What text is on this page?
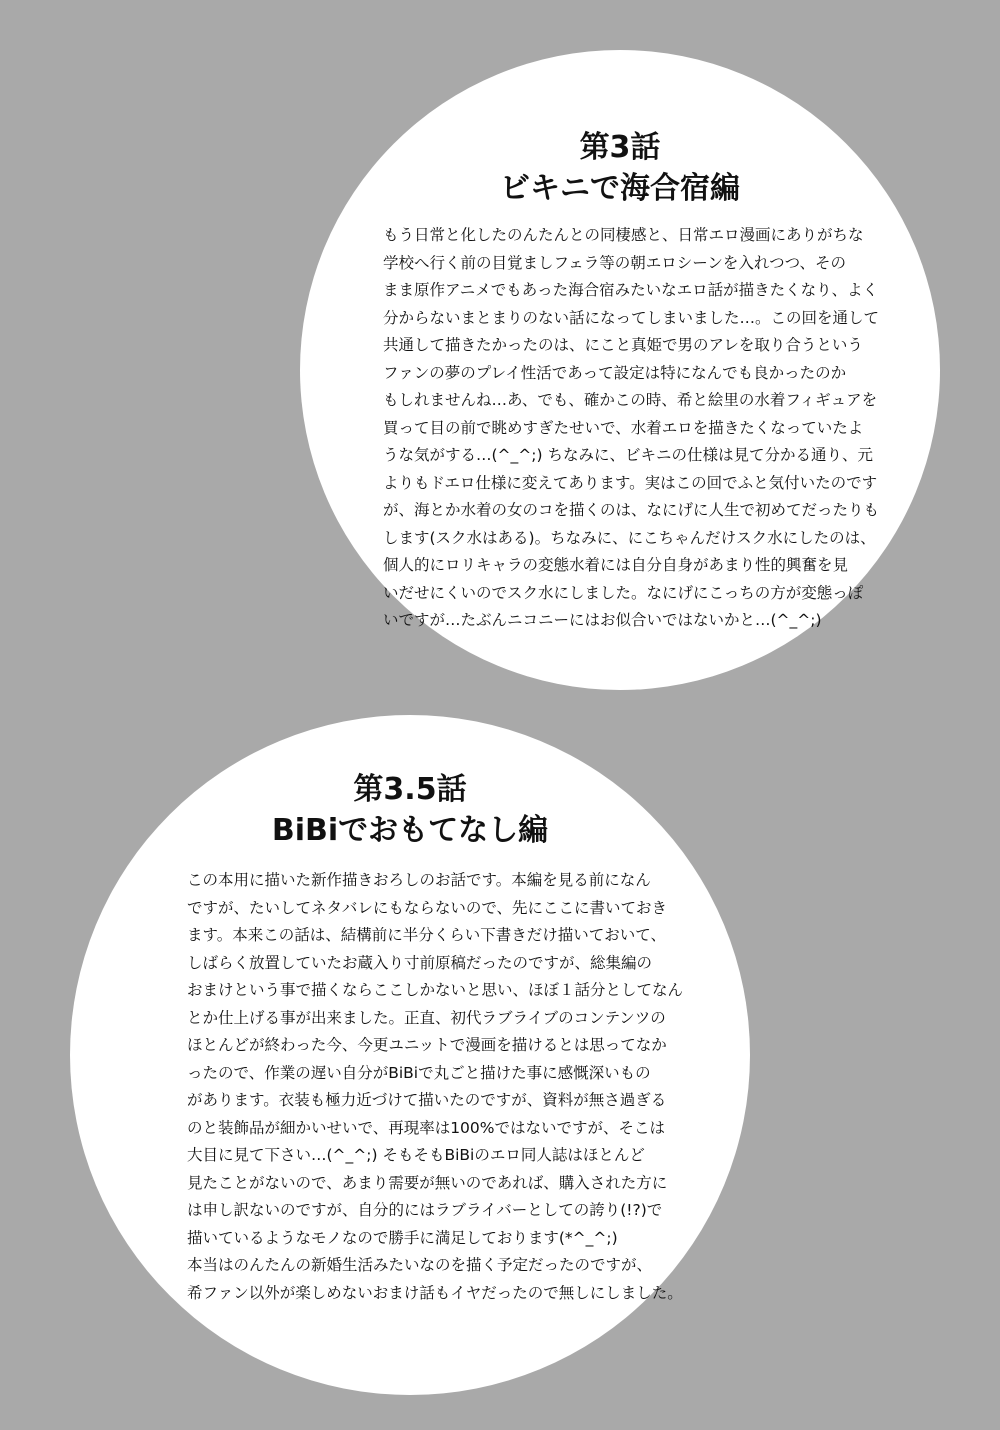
第3話
ビキニで海合宿編
もう日常と化したのんたんとの同棲感と、日常エロ漫画にありがちな
学校へ行く前の目覚ましフェラ等の朝エロシーンを入れつつ、その
まま原作アニメでもあった海合宿みたいなエロ話が描きたくなり、よく
分からないまとまりのない話になってしまいました…。この回を通して
共通して描きたかったのは、にこと真姫で男のアレを取り合うという
ファンの夢のプレイ性活であって設定は特になんでも良かったのか
もしれませんね…あ、でも、確かこの時、希と絵里の水着フィギュアを
買って目の前で眺めすぎたせいで、水着エロを描きたくなっていたよ
うな気がする…(^_^;) ちなみに、ビキニの仕様は見て分かる通り、元
よりもドエロ仕様に変えてあります。実はこの回でふと気付いたのです
が、海とか水着の女のコを描くのは、なにげに人生で初めてだったりも
します(スク水はある)。ちなみに、にこちゃんだけスク水にしたのは、
個人的にロリキャラの変態水着には自分自身があまり性的興奮を見
いだせにくいのでスク水にしました。なにげにこっちの方が変態っぽ
いですが…たぶんニコニーにはお似合いではないかと…(^_^;)
第3.5話
BiBiでおもてなし編
この本用に描いた新作描きおろしのお話です。本編を見る前になん
ですが、たいしてネタバレにもならないので、先にここに書いておき
ます。本来この話は、結構前に半分くらい下書きだけ描いておいて、
しばらく放置していたお蔵入り寸前原稿だったのですが、総集編の
おまけという事で描くならここしかないと思い、ほぼ１話分としてなん
とか仕上げる事が出来ました。正直、初代ラブライブのコンテンツの
ほとんどが終わった今、今更ユニットで漫画を描けるとは思ってなか
ったので、作業の遅い自分がBiBiで丸ごと描けた事に感慨深いもの
があります。衣装も極力近づけて描いたのですが、資料が無さ過ぎる
のと装飾品が細かいせいで、再現率は100%ではないですが、そこは
大目に見て下さい…(^_^;) そもそもBiBiのエロ同人誌はほとんど
見たことがないので、あまり需要が無いのであれば、購入された方に
は申し訳ないのですが、自分的にはラブライバーとしての誇り(!?)で
描いているようなモノなので勝手に満足しております(*^_^;)
本当はのんたんの新婚生活みたいなのを描く予定だったのですが、
希ファン以外が楽しめないおまけ話もイヤだったので無しにしました。
